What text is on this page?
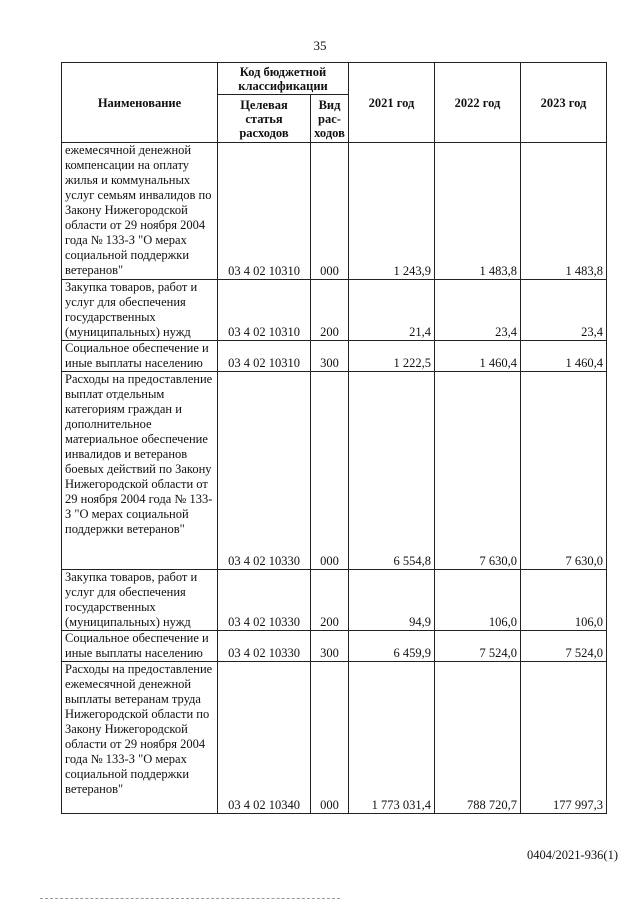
35
Наименование	Код бюджетной классификации		2021 год	2022 год	2023 год
	Целевая статья расходов	Вид рас-ходов			
ежемесячной денежной компенсации на оплату жилья и коммунальных услуг семьям инвалидов по Закону Нижегородской области от 29 ноября 2004 года № 133-З "О мерах социальной поддержки ветеранов"	03 4 02 10310	000	1 243,9	1 483,8	1 483,8
Закупка товаров, работ и услуг для обеспечения государственных (муниципальных) нужд	03 4 02 10310	200	21,4	23,4	23,4
Социальное обеспечение и иные выплаты населению	03 4 02 10310	300	1 222,5	1 460,4	1 460,4
Расходы на предоставление выплат отдельным категориям граждан и дополнительное материальное обеспечение инвалидов и ветеранов боевых действий по Закону Нижегородской области от 29 ноября 2004 года № 133-З "О мерах социальной поддержки ветеранов"	03 4 02 10330	000	6 554,8	7 630,0	7 630,0
Закупка товаров, работ и услуг для обеспечения государственных (муниципальных) нужд	03 4 02 10330	200	94,9	106,0	106,0
Социальное обеспечение и иные выплаты населению	03 4 02 10330	300	6 459,9	7 524,0	7 524,0
Расходы на предоставление ежемесячной денежной выплаты ветеранам труда Нижегородской области по Закону Нижегородской области от 29 ноября 2004 года № 133-З "О мерах социальной поддержки ветеранов"	03 4 02 10340	000	1 773 031,4	788 720,7	177 997,3
0404/2021-936(1)
